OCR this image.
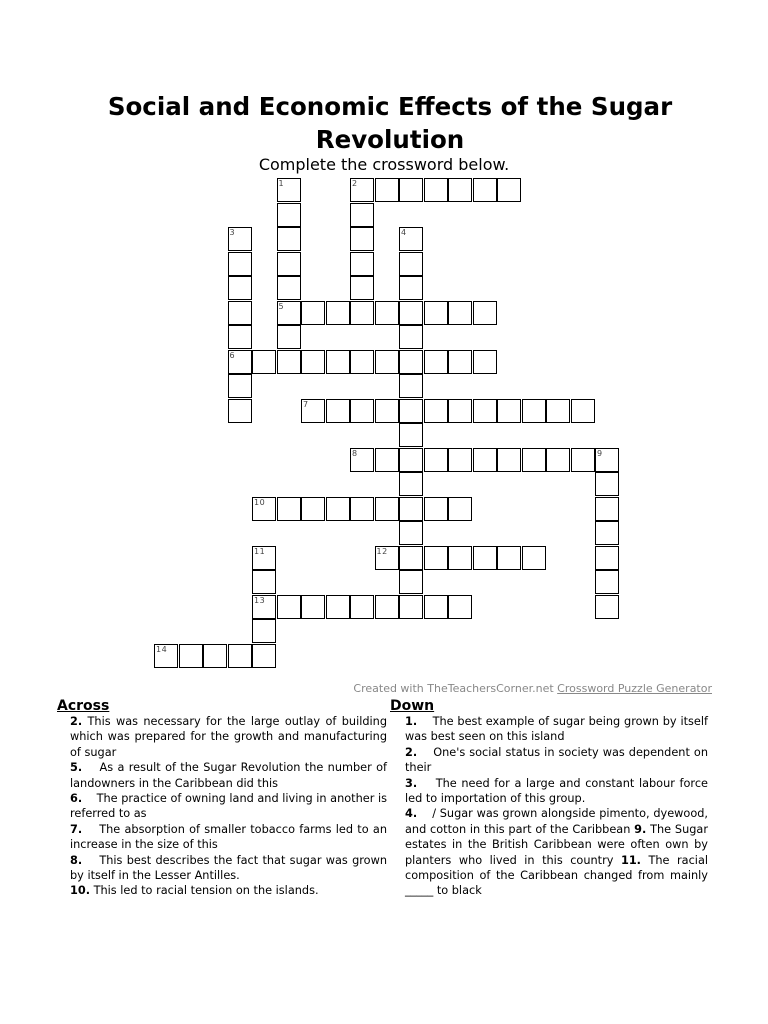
Social and Economic Effects of the Sugar Revolution
Complete the crossword below.
1	2
3	4
5
6
7
8	9
10
11	12
13
14
Created with TheTeachersCorner.net Crossword Puzzle Generator
Across
2. This was necessary for the large outlay of building which was prepared for the growth and manufacturing of sugar
5.    As a result of the Sugar Revolution the number of landowners in the Caribbean did this
6.    The practice of owning land and living in another is referred to as
7.    The absorption of smaller tobacco farms led to an increase in the size of this
8.    This best describes the fact that sugar was grown by itself in the Lesser Antilles.
10. This led to racial tension on the islands.
Down
1.    The best example of sugar being grown by itself was best seen on this island
2.    One's social status in society was dependent on their
3.    The need for a large and constant labour force led to importation of this group.
4.    / Sugar was grown alongside pimento, dyewood, and cotton in this part of the Caribbean 9. The Sugar estates in the British Caribbean were often own by planters who lived in this country 11. The racial composition of the Caribbean changed from mainly _____ to black
